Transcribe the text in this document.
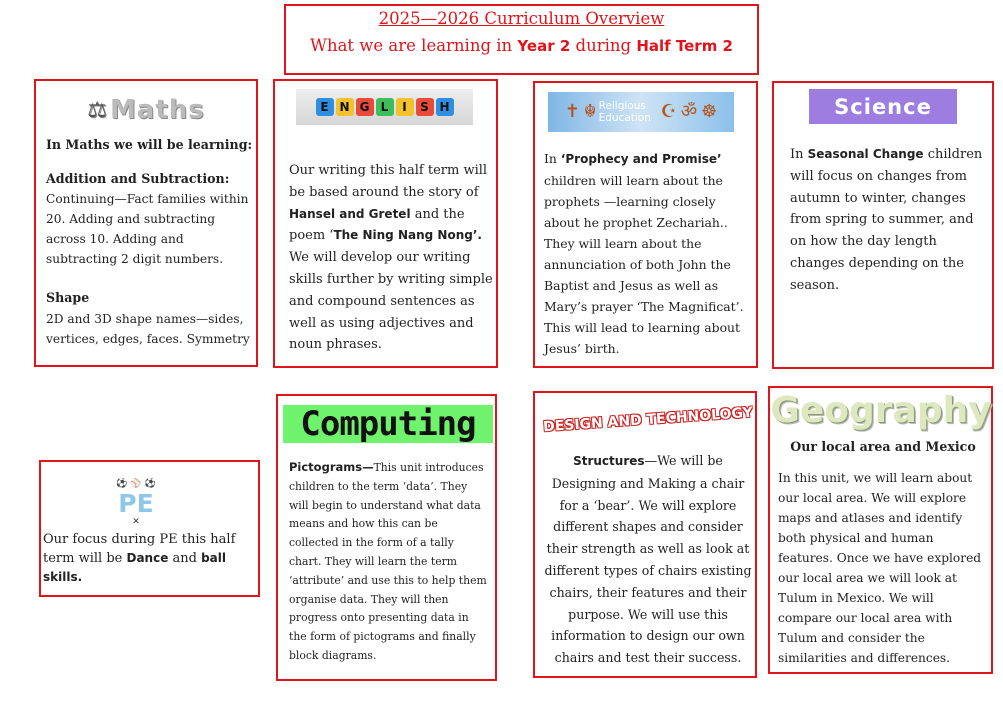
2025—2026 Curriculum Overview
What we are learning in Year 2 during Half Term 2
⚖ Maths
In Maths we will be learning:
Addition and Subtraction:
Continuing—Fact families within 20. Adding and subtracting across 10. Adding and subtracting 2 digit numbers.
Shape
2D and 3D shape names—sides, vertices, edges, faces. Symmetry
E N G L	I	S H
Our writing this half term will be based around the story of Hansel and Gretel and the poem ‘The Ning Nang Nong’. We will develop our writing skills further by writing simple and compound sentences as well as using adjectives and noun phrases.
✝ ☬ Religious Education ☪ ॐ ☸
In ‘Prophecy and Promise’ children will learn about the prophets —learning closely about he prophet Zechariah.. They will learn about the annunciation of both John the Baptist and Jesus as well as Mary’s prayer ‘The Magnificat’. This will lead to learning about Jesus’ birth.
Science
In Seasonal Change children will focus on changes from autumn to winter, changes from spring to summer, and on how the day length changes depending on the season.
⚽ ⚾ ⚽
PE
✕
Our focus during PE this half term will be Dance and ball skills.
Computing
Pictograms—This unit introduces children to the term ‘data’. They will begin to understand what data means and how this can be collected in the form of a tally chart. They will learn the term ‘attribute’ and use this to help them organise data. They will then progress onto presenting data in the form of pictograms and finally block diagrams.
DESIGN AND TECHNOLOGY
Structures—We will be Designing and Making a chair for a ‘bear’. We will explore different shapes and consider their strength as well as look at different types of chairs existing chairs, their features and their purpose. We will use this information to design our own chairs and test their success.
Geography
Our local area and Mexico
In this unit, we will learn about our local area. We will explore maps and atlases and identify both physical and human features. Once we have explored our local area we will look at Tulum in Mexico. We will compare our local area with Tulum and consider the similarities and differences.
